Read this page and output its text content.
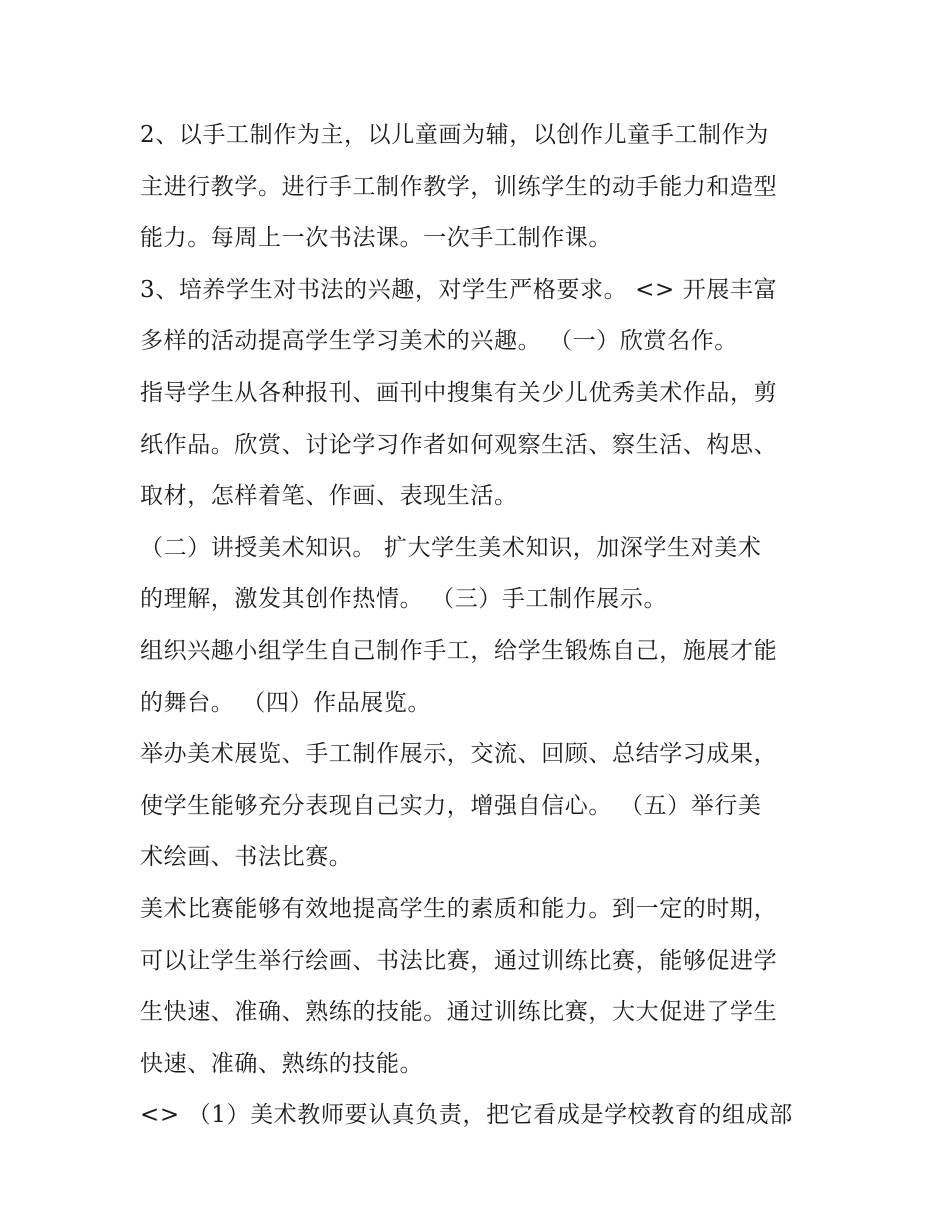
2、以手工制作为主，以儿童画为辅，以创作儿童手工制作为
主进行教学。进行手工制作教学，训练学生的动手能力和造型
能力。每周上一次书法课。一次手工制作课。
3、培养学生对书法的兴趣，对学生严格要求。 <> 开展丰富
多样的活动提高学生学习美术的兴趣。 （一）欣赏名作。
指导学生从各种报刊、画刊中搜集有关少儿优秀美术作品，剪
纸作品。欣赏、讨论学习作者如何观察生活、察生活、构思、
取材，怎样着笔、作画、表现生活。
（二）讲授美术知识。 扩大学生美术知识，加深学生对美术
的理解，激发其创作热情。 （三）手工制作展示。
组织兴趣小组学生自己制作手工，给学生锻炼自己，施展才能
的舞台。 （四）作品展览。
举办美术展览、手工制作展示，交流、回顾、总结学习成果，
使学生能够充分表现自己实力，增强自信心。 （五）举行美
术绘画、书法比赛。
美术比赛能够有效地提高学生的素质和能力。到一定的时期，
可以让学生举行绘画、书法比赛，通过训练比赛，能够促进学
生快速、准确、熟练的技能。通过训练比赛，大大促进了学生
快速、准确、熟练的技能。
<> （1）美术教师要认真负责，把它看成是学校教育的组成部
